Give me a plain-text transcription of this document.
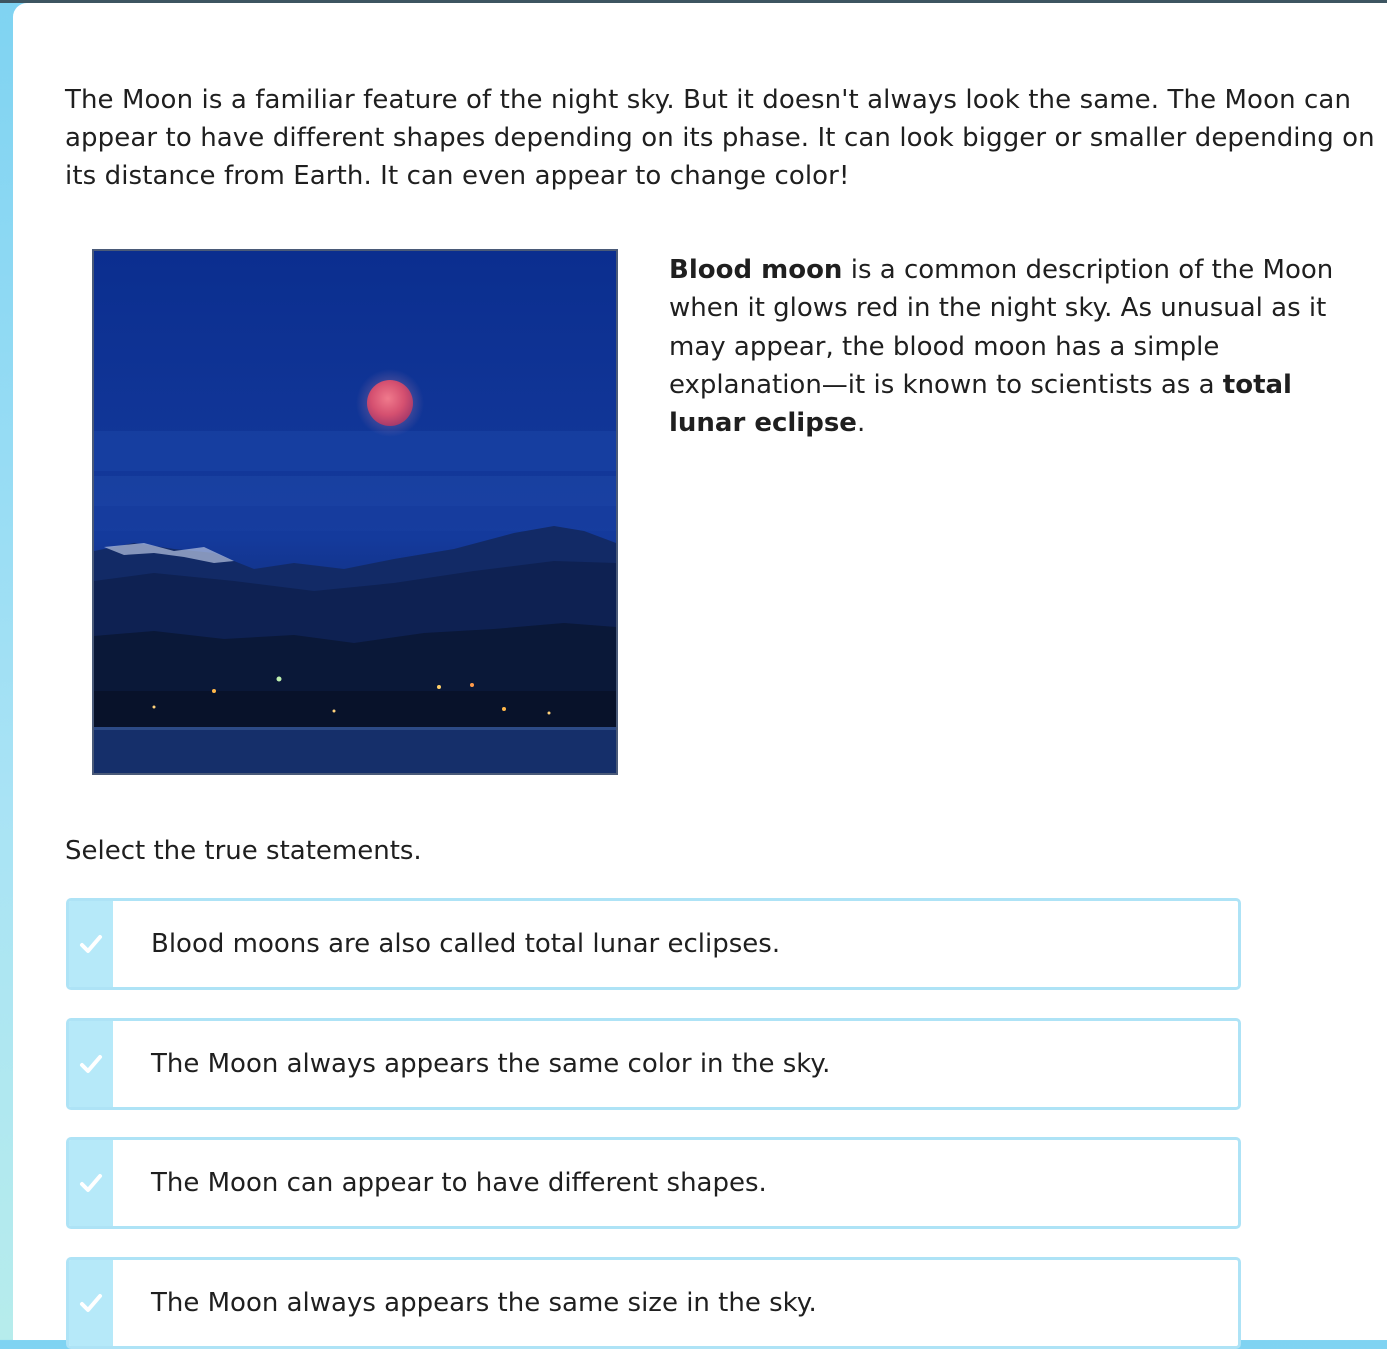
The Moon is a familiar feature of the night sky. But it doesn't always look the same. The Moon can appear to have different shapes depending on its phase. It can look bigger or smaller depending on its distance from Earth. It can even appear to change color!

Blood moon is a common description of the Moon when it glows red in the night sky. As unusual as it may appear, the blood moon has a simple explanation—it is known to scientists as a total lunar eclipse.

Select the true statements.

Blood moons are also called total lunar eclipses.
The Moon always appears the same color in the sky.
The Moon can appear to have different shapes.
The Moon always appears the same size in the sky.
